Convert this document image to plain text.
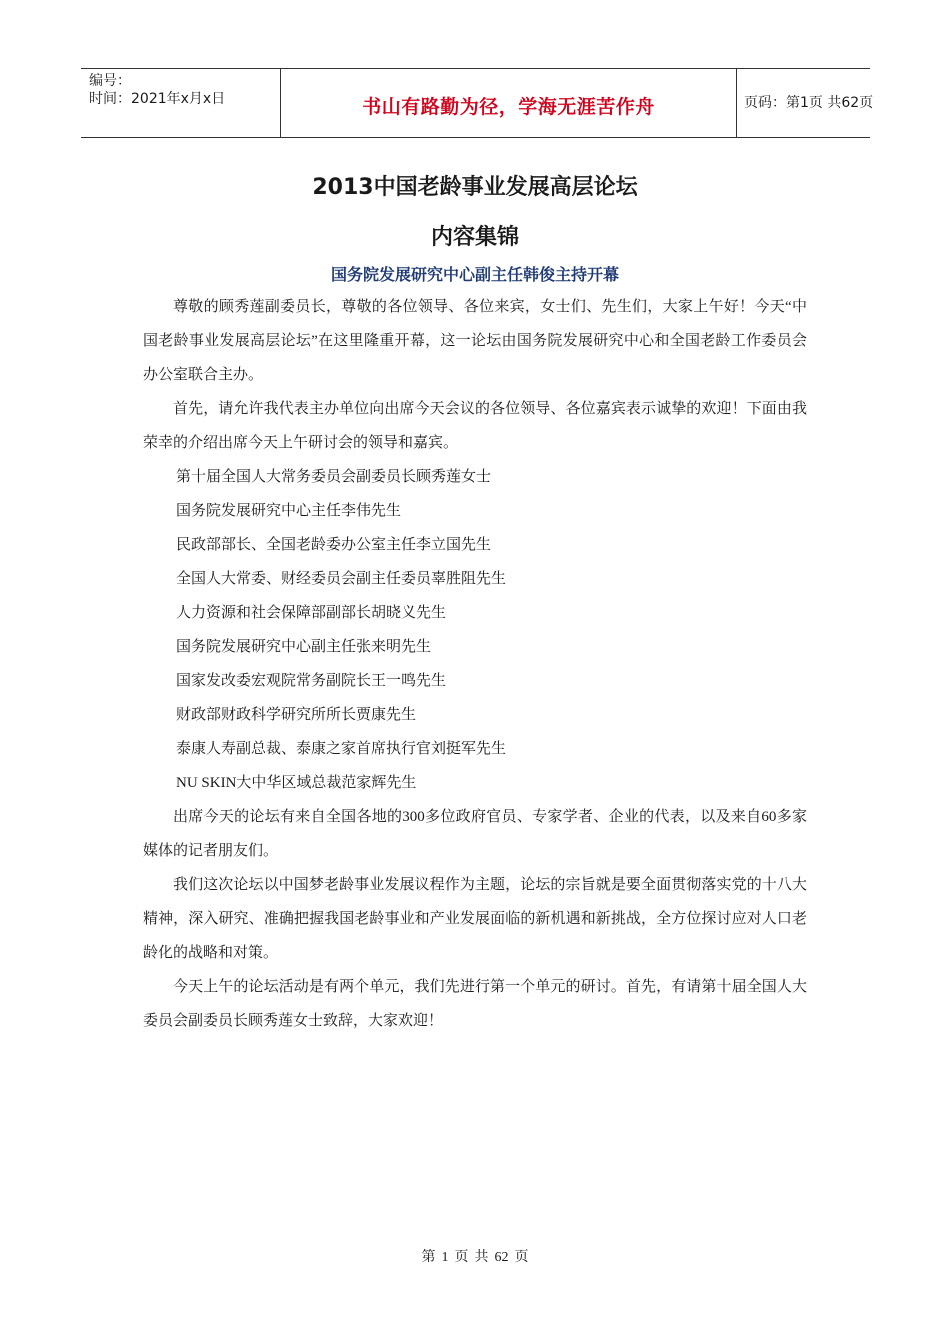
编号：
时间：2021年x月x日	书山有路勤为径，学海无涯苦作舟	页码：第1页 共62页
2013中国老龄事业发展高层论坛
内容集锦
国务院发展研究中心副主任韩俊主持开幕

尊敬的顾秀莲副委员长，尊敬的各位领导、各位来宾，女士们、先生们，大家上午好！今天“中国老龄事业发展高层论坛”在这里隆重开幕，这一论坛由国务院发展研究中心和全国老龄工作委员会办公室联合主办。

首先，请允许我代表主办单位向出席今天会议的各位领导、各位嘉宾表示诚挚的欢迎！下面由我荣幸的介绍出席今天上午研讨会的领导和嘉宾。

第十届全国人大常务委员会副委员长顾秀莲女士

国务院发展研究中心主任李伟先生

民政部部长、全国老龄委办公室主任李立国先生

全国人大常委、财经委员会副主任委员辜胜阻先生

人力资源和社会保障部副部长胡晓义先生

国务院发展研究中心副主任张来明先生

国家发改委宏观院常务副院长王一鸣先生

财政部财政科学研究所所长贾康先生

泰康人寿副总裁、泰康之家首席执行官刘挺军先生

NU SKIN大中华区域总裁范家辉先生

出席今天的论坛有来自全国各地的300多位政府官员、专家学者、企业的代表，以及来自60多家媒体的记者朋友们。

我们这次论坛以中国梦老龄事业发展议程作为主题，论坛的宗旨就是要全面贯彻落实党的十八大精神，深入研究、准确把握我国老龄事业和产业发展面临的新机遇和新挑战，全方位探讨应对人口老龄化的战略和对策。

今天上午的论坛活动是有两个单元，我们先进行第一个单元的研讨。首先，有请第十届全国人大委员会副委员长顾秀莲女士致辞，大家欢迎！

第 1 页 共 62 页
